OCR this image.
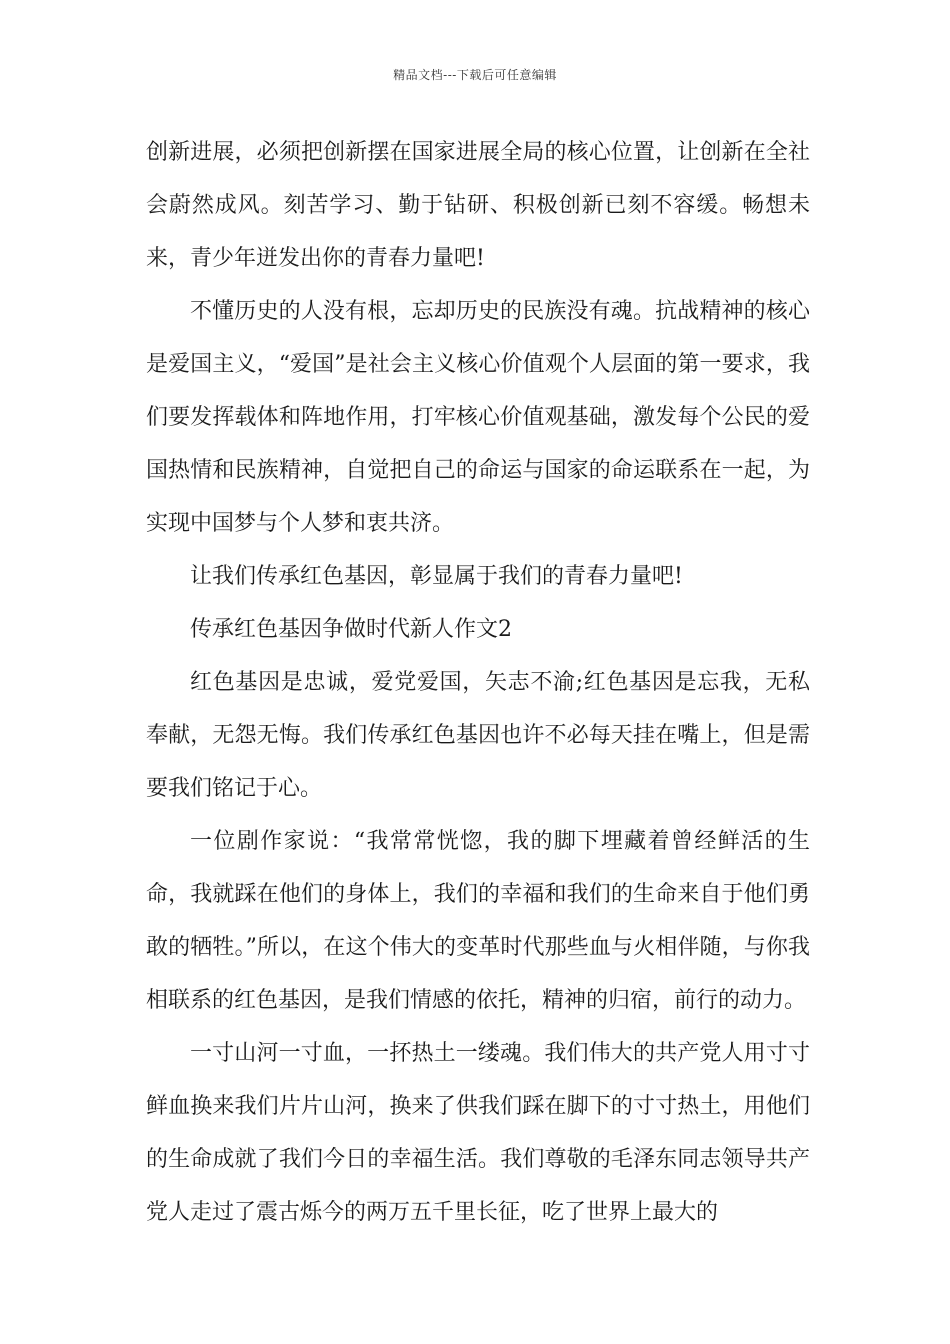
精品文档---下载后可任意编辑

创新进展，必须把创新摆在国家进展全局的核心位置，让创新在全社会蔚然成风。刻苦学习、勤于钻研、积极创新已刻不容缓。畅想未来，青少年迸发出你的青春力量吧!

不懂历史的人没有根，忘却历史的民族没有魂。抗战精神的核心是爱国主义，“爱国”是社会主义核心价值观个人层面的第一要求，我们要发挥载体和阵地作用，打牢核心价值观基础，激发每个公民的爱国热情和民族精神，自觉把自己的命运与国家的命运联系在一起，为实现中国梦与个人梦和衷共济。

让我们传承红色基因，彰显属于我们的青春力量吧!

传承红色基因争做时代新人作文2

红色基因是忠诚，爱党爱国，矢志不渝;红色基因是忘我，无私奉献，无怨无悔。我们传承红色基因也许不必每天挂在嘴上，但是需要我们铭记于心。

一位剧作家说：“我常常恍惚，我的脚下埋藏着曾经鲜活的生命，我就踩在他们的身体上，我们的幸福和我们的生命来自于他们勇敢的牺牲。”所以，在这个伟大的变革时代那些血与火相伴随，与你我相联系的红色基因，是我们情感的依托，精神的归宿，前行的动力。

一寸山河一寸血，一抔热土一缕魂。我们伟大的共产党人用寸寸鲜血换来我们片片山河，换来了供我们踩在脚下的寸寸热土，用他们的生命成就了我们今日的幸福生活。我们尊敬的毛泽东同志领导共产党人走过了震古烁今的两万五千里长征，吃了世界上最大的
